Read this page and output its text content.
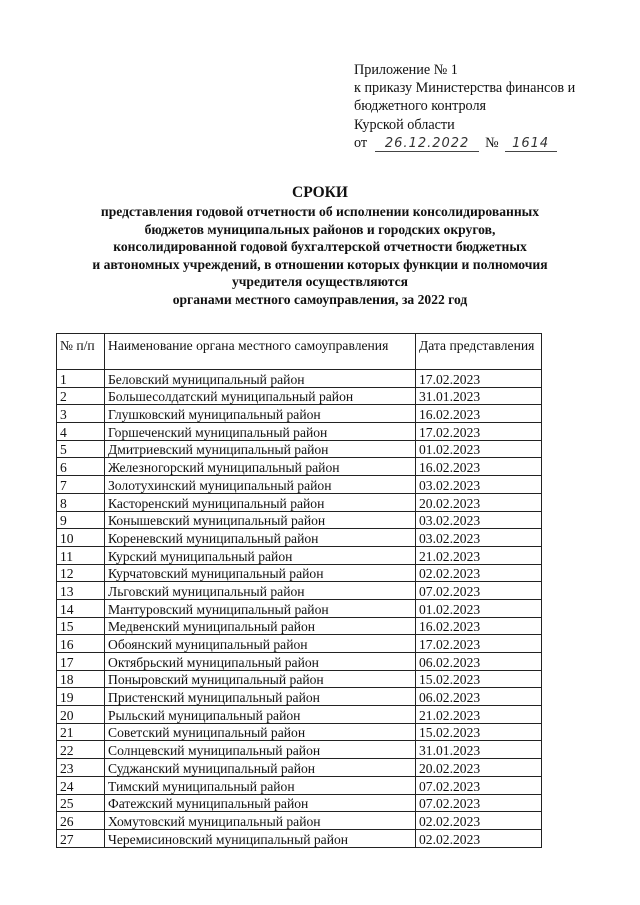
Приложение № 1
к приказу Министерства финансов и
бюджетного контроля
Курской области
от 26.12.2022 № 1614
СРОКИ
представления годовой отчетности об исполнении консолидированных
бюджетов муниципальных районов и городских округов,
консолидированной годовой бухгалтерской отчетности бюджетных
и автономных учреждений, в отношении которых функции и полномочия
учредителя осуществляются
органами местного самоуправления, за 2022 год
№ п/п	Наименование органа местного самоуправления	Дата представления
1	Беловский муниципальный район	17.02.2023
2	Большесолдатский муниципальный район	31.01.2023
3	Глушковский муниципальный район	16.02.2023
4	Горшеченский муниципальный район	17.02.2023
5	Дмитриевский муниципальный район	01.02.2023
6	Железногорский муниципальный район	16.02.2023
7	Золотухинский муниципальный район	03.02.2023
8	Касторенский муниципальный район	20.02.2023
9	Конышевский муниципальный район	03.02.2023
10	Кореневский муниципальный район	03.02.2023
11	Курский муниципальный район	21.02.2023
12	Курчатовский муниципальный район	02.02.2023
13	Льговский муниципальный район	07.02.2023
14	Мантуровский муниципальный район	01.02.2023
15	Медвенский муниципальный район	16.02.2023
16	Обоянский муниципальный район	17.02.2023
17	Октябрьский муниципальный район	06.02.2023
18	Поныровский муниципальный район	15.02.2023
19	Пристенский муниципальный район	06.02.2023
20	Рыльский муниципальный район	21.02.2023
21	Советский муниципальный район	15.02.2023
22	Солнцевский муниципальный район	31.01.2023
23	Суджанский муниципальный район	20.02.2023
24	Тимский муниципальный район	07.02.2023
25	Фатежский муниципальный район	07.02.2023
26	Хомутовский муниципальный район	02.02.2023
27	Черемисиновский муниципальный район	02.02.2023
